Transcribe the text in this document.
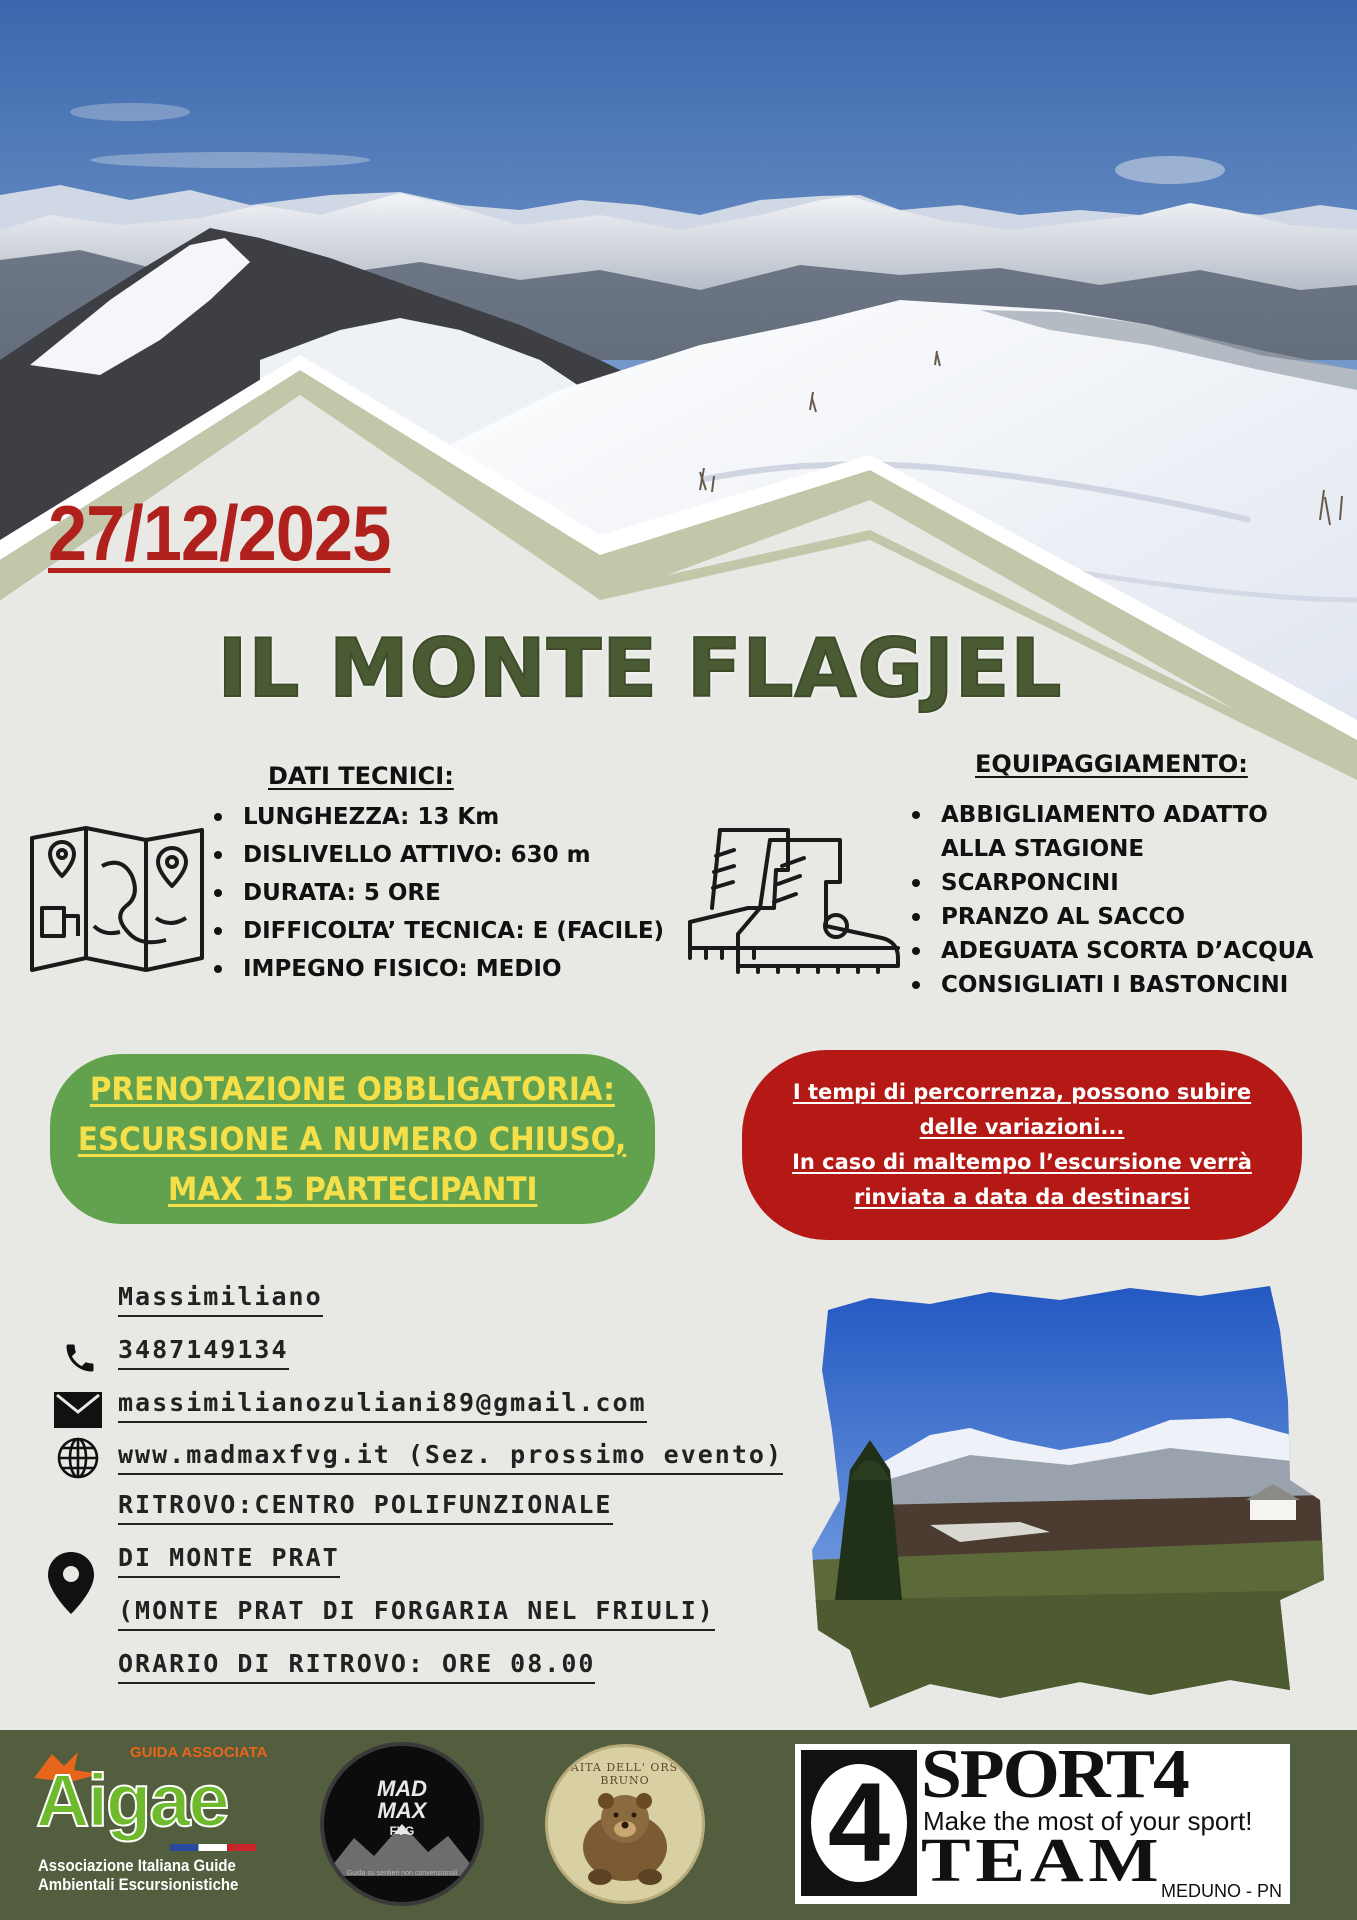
27/12/2025
IL MONTE FLAGJEL
DATI TECNICI:
LUNGHEZZA: 13 Km
DISLIVELLO ATTIVO: 630 m
DURATA: 5 ORE
DIFFICOLTA’ TECNICA: E (FACILE)
IMPEGNO FISICO: MEDIO
EQUIPAGGIAMENTO:
ABBIGLIAMENTO ADATTO ALLA STAGIONE
SCARPONCINI
PRANZO AL SACCO
ADEGUATA SCORTA D’ACQUA
CONSIGLIATI I BASTONCINI
PRENOTAZIONE OBBLIGATORIA:
ESCURSIONE A NUMERO CHIUSO,
MAX 15 PARTECIPANTI
I tempi di percorrenza, possono subire
delle variazioni...
In caso di maltempo l’escursione verrà
rinviata a data da destinarsi
Massimiliano
3487149134
massimilianozuliani89@gmail.com
www.madmaxfvg.it (Sez. prossimo evento)
RITROVO:CENTRO POLIFUNZIONALE
DI MONTE PRAT
(MONTE PRAT DI FORGARIA NEL FRIULI)
ORARIO DI RITROVO: ORE 08.00
GUIDA ASSOCIATA
Aigae
Associazione Italiana Guide
Ambientali Escursionistiche
MAD
MAX
FVG
Guida su sentieri non convenzionali
BAITA DELL' ORSO BRUNO	4 SPORT4
Make the most of your sport!
TEAM
MEDUNO - PN
